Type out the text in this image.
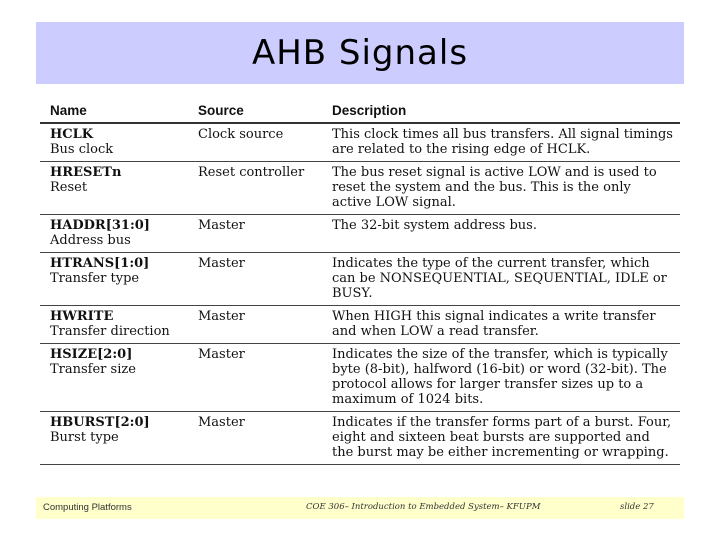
AHB Signals
Name	Source	Description

HCLK
Bus clock	Clock source	This clock times all bus transfers. All signal timings are related to the rising edge of HCLK.

HRESETn
Reset	Reset controller	The bus reset signal is active LOW and is used to reset the system and the bus. This is the only active LOW signal.

HADDR[31:0]
Address bus	Master	The 32-bit system address bus.

HTRANS[1:0]
Transfer type	Master	Indicates the type of the current transfer, which can be NONSEQUENTIAL, SEQUENTIAL, IDLE or BUSY.

HWRITE
Transfer direction	Master	When HIGH this signal indicates a write transfer and when LOW a read transfer.

HSIZE[2:0]
Transfer size	Master	Indicates the size of the transfer, which is typically byte (8-bit), halfword (16-bit) or word (32-bit). The protocol allows for larger transfer sizes up to a maximum of 1024 bits.

HBURST[2:0]
Burst type	Master	Indicates if the transfer forms part of a burst. Four, eight and sixteen beat bursts are supported and the burst may be either incrementing or wrapping.
Computing Platforms	COE 306– Introduction to Embedded System– KFUPM	slide 27
